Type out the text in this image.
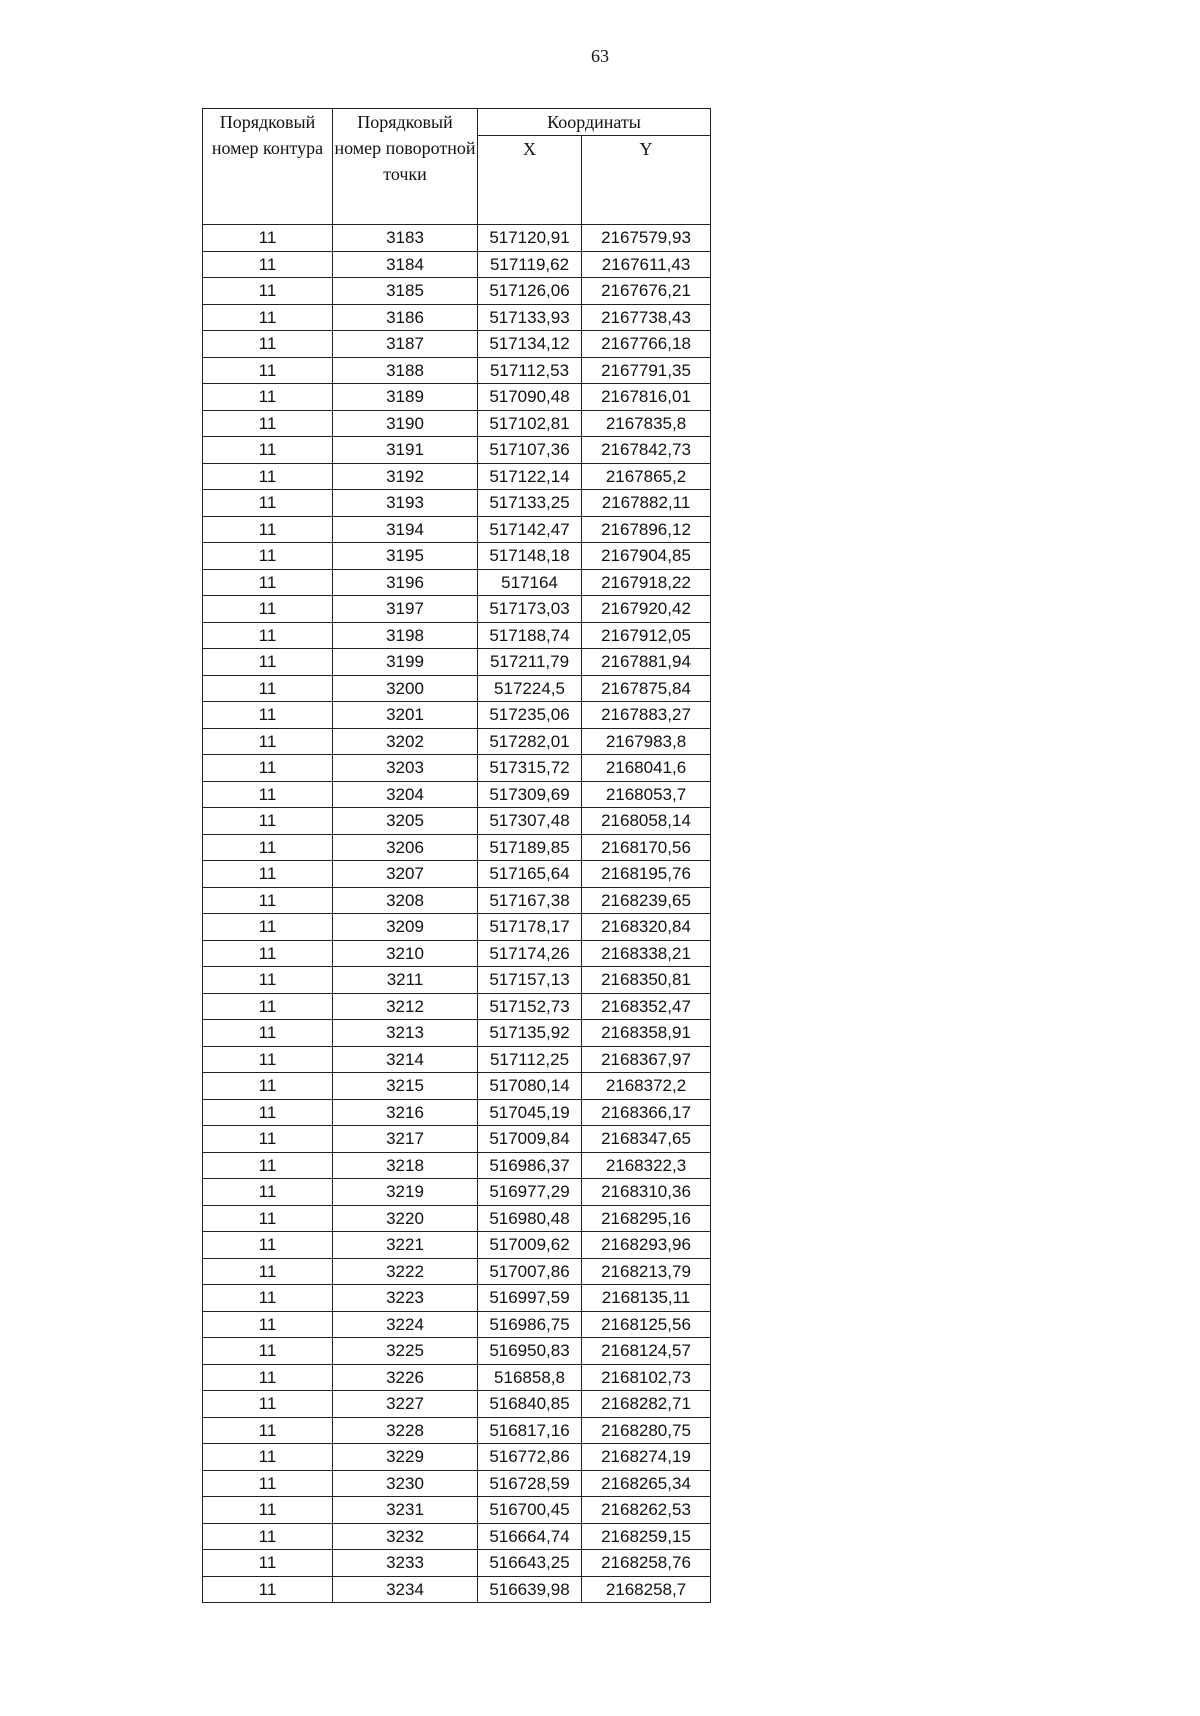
63
Порядковый номер контура	Порядковый номер поворотной точки	Координаты	
		X	Y
11	3183	517120,91	2167579,93
11	3184	517119,62	2167611,43
11	3185	517126,06	2167676,21
11	3186	517133,93	2167738,43
11	3187	517134,12	2167766,18
11	3188	517112,53	2167791,35
11	3189	517090,48	2167816,01
11	3190	517102,81	2167835,8
11	3191	517107,36	2167842,73
11	3192	517122,14	2167865,2
11	3193	517133,25	2167882,11
11	3194	517142,47	2167896,12
11	3195	517148,18	2167904,85
11	3196	517164	2167918,22
11	3197	517173,03	2167920,42
11	3198	517188,74	2167912,05
11	3199	517211,79	2167881,94
11	3200	517224,5	2167875,84
11	3201	517235,06	2167883,27
11	3202	517282,01	2167983,8
11	3203	517315,72	2168041,6
11	3204	517309,69	2168053,7
11	3205	517307,48	2168058,14
11	3206	517189,85	2168170,56
11	3207	517165,64	2168195,76
11	3208	517167,38	2168239,65
11	3209	517178,17	2168320,84
11	3210	517174,26	2168338,21
11	3211	517157,13	2168350,81
11	3212	517152,73	2168352,47
11	3213	517135,92	2168358,91
11	3214	517112,25	2168367,97
11	3215	517080,14	2168372,2
11	3216	517045,19	2168366,17
11	3217	517009,84	2168347,65
11	3218	516986,37	2168322,3
11	3219	516977,29	2168310,36
11	3220	516980,48	2168295,16
11	3221	517009,62	2168293,96
11	3222	517007,86	2168213,79
11	3223	516997,59	2168135,11
11	3224	516986,75	2168125,56
11	3225	516950,83	2168124,57
11	3226	516858,8	2168102,73
11	3227	516840,85	2168282,71
11	3228	516817,16	2168280,75
11	3229	516772,86	2168274,19
11	3230	516728,59	2168265,34
11	3231	516700,45	2168262,53
11	3232	516664,74	2168259,15
11	3233	516643,25	2168258,76
11	3234	516639,98	2168258,7
